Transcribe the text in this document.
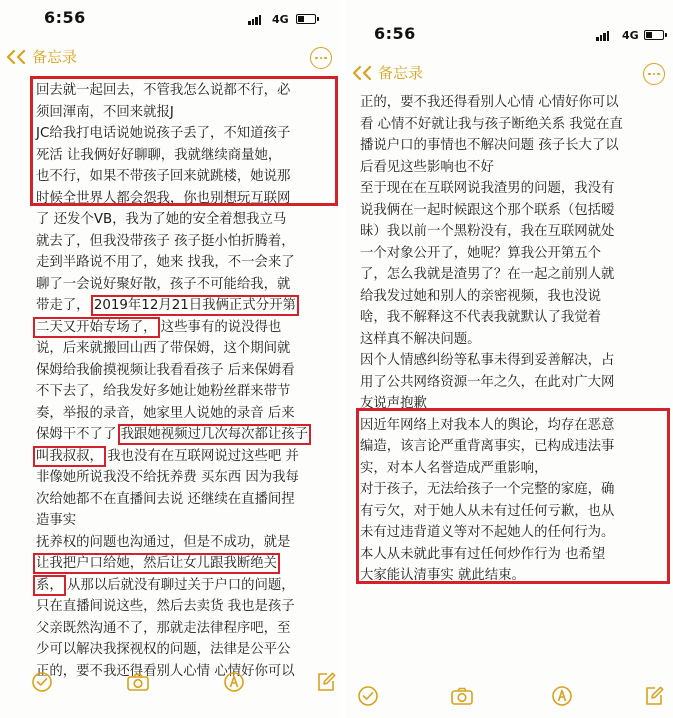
6:56	4G
备忘录

回去就一起回去，不管我怎么说都不行，必

须回渾南，不回来就报J

JC给我打电话说她说孩子丢了，不知道孩子

死活 让我俩好好聊聊，我就继续商量她，

也不行，如果不带孩子回来就跳楼，她说那

时候全世界人都会怨我，你也别想玩互联网

了 还发个VB，我为了她的安全着想我立马

就去了，但我没带孩子 孩子挺小怕折腾着，

走到半路说不用了，她来 找我，不一会来了

聊了一会说好聚好散，孩子不可能给我，就

带走了， 2019年12月21日我俩正式分开第

二天又开始专场了， 这些事有的说没得也

说，后来就搬回山西了带保姆，这个期间就

保姆给我偷摸视频让我看看孩子 后来保姆看

不下去了，给我发好多她让她粉丝群来带节

奏，举报的录音，她家里人说她的录音 后来

保姆干不了了 我跟她视频过几次每次都让孩子

叫我叔叔， 我也没有在互联网说过这些吧 并

非像她所说我没不给抚养费 买东西 因为我每

次给她都不在直播间去说 还继续在直播间捏

造事实

抚养权的问题也沟通过，但是不成功，就是

让我把户口给她，然后让女儿跟我断绝关

系， 从那以后就没有聊过关于户口的问题，

只在直播间说这些，然后去卖货 我也是孩子

父亲既然沟通不了，那就走法律程序吧，至

少可以解决我探视权的问题，法律是公平公

正的，要不我还得看别人心情 心情好你可以

6:56	4G
备忘录

正的，要不我还得看别人心情 心情好你可以

看 心情不好就让我与孩子断绝关系 我觉在直

播说户口的事情也不解决问题 孩子长大了以

后看见这些影响也不好

至于现在在互联网说我渣男的问题，我没有

说我俩在一起时候跟这个那个联系（包括暧

昧）我以前一个黑粉没有，我在互联网就处

一个对象公开了，她呢？算我公开第五个

了，怎么我就是渣男了？在一起之前别人就

给我发过她和别人的亲密视频，我也没说

啥，我不解释这不代表我就默认了我觉着

这样真不解决问题。

因个人情感纠纷等私事未得到妥善解决，占

用了公共网络资源一年之久，在此对广大网

友说声抱歉

因近年网络上对我本人的舆论，均存在恶意

编造，该言论严重背离事实，已构成违法事

实，对本人名誉造成严重影响，

对于孩子，无法给孩子一个完整的家庭，确

有亏欠，对于她人从未有过任何亏歉，也从

未有过违背道义等对不起她人的任何行为。

本人从未就此事有过任何炒作行为 也希望

大家能认清事实 就此结束。
